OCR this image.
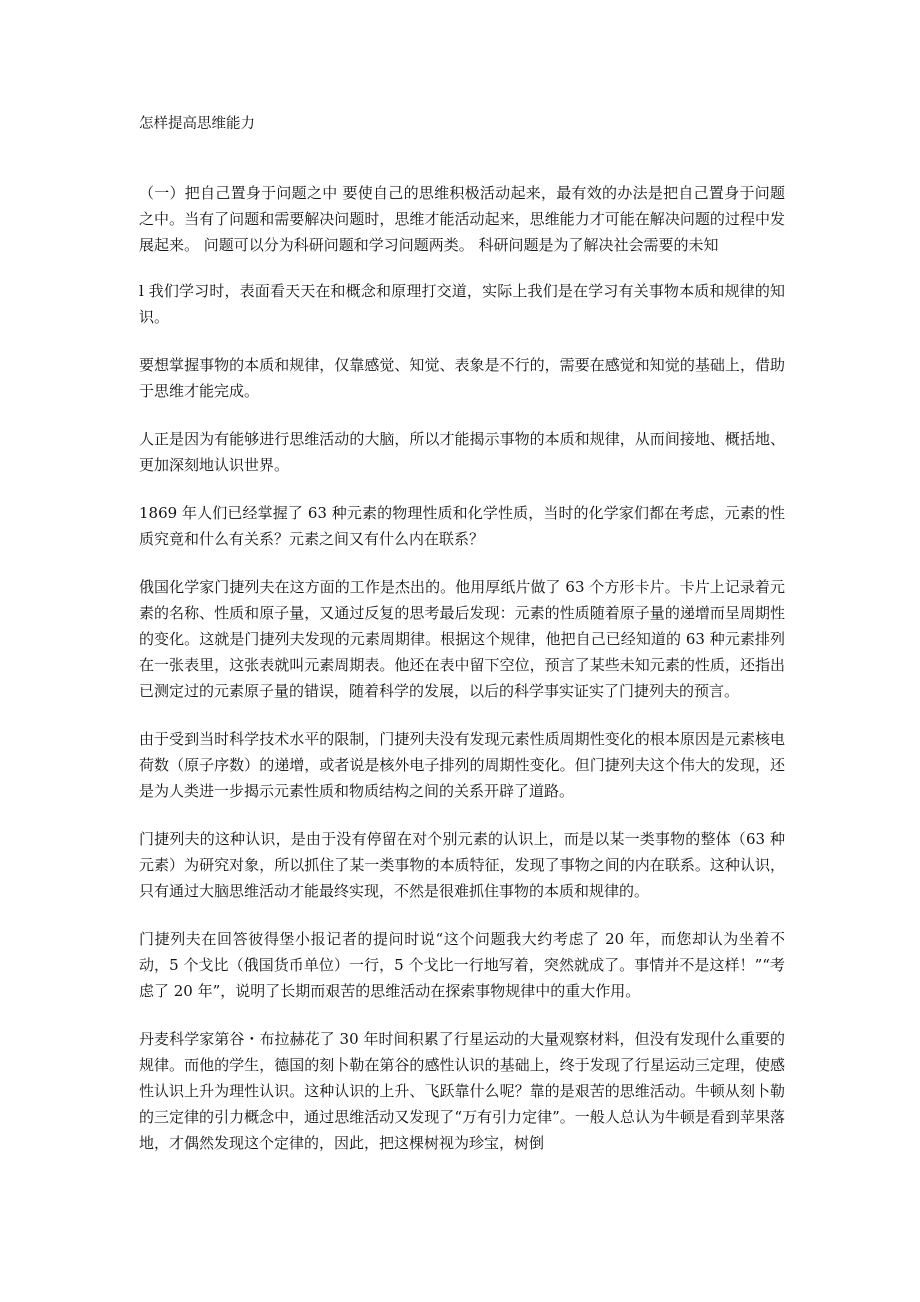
怎样提高思维能力

（一）把自己置身于问题之中 要使自己的思维积极活动起来，最有效的办法是把自己置身于问题之中。当有了问题和需要解决问题时，思维才能活动起来，思维能力才可能在解决问题的过程中发展起来。 问题可以分为科研问题和学习问题两类。 科研问题是为了解决社会需要的未知

l 我们学习时，表面看天天在和概念和原理打交道，实际上我们是在学习有关事物本质和规律的知识。

要想掌握事物的本质和规律，仅靠感觉、知觉、表象是不行的，需要在感觉和知觉的基础上，借助于思维才能完成。

人正是因为有能够进行思维活动的大脑，所以才能揭示事物的本质和规律，从而间接地、概括地、更加深刻地认识世界。

1869 年人们已经掌握了 63 种元素的物理性质和化学性质，当时的化学家们都在考虑，元素的性质究竟和什么有关系？元素之间又有什么内在联系？

俄国化学家门捷列夫在这方面的工作是杰出的。他用厚纸片做了 63 个方形卡片。卡片上记录着元素的名称、性质和原子量，又通过反复的思考最后发现：元素的性质随着原子量的递增而呈周期性的变化。这就是门捷列夫发现的元素周期律。根据这个规律，他把自己已经知道的 63 种元素排列在一张表里，这张表就叫元素周期表。他还在表中留下空位，预言了某些未知元素的性质，还指出已测定过的元素原子量的错误，随着科学的发展，以后的科学事实证实了门捷列夫的预言。

由于受到当时科学技术水平的限制，门捷列夫没有发现元素性质周期性变化的根本原因是元素核电荷数（原子序数）的递增，或者说是核外电子排列的周期性变化。但门捷列夫这个伟大的发现，还是为人类进一步揭示元素性质和物质结构之间的关系开辟了道路。

门捷列夫的这种认识，是由于没有停留在对个别元素的认识上，而是以某一类事物的整体（63 种元素）为研究对象，所以抓住了某一类事物的本质特征，发现了事物之间的内在联系。这种认识，只有通过大脑思维活动才能最终实现，不然是很难抓住事物的本质和规律的。

门捷列夫在回答彼得堡小报记者的提问时说“这个问题我大约考虑了 20 年，而您却认为坐着不动，5 个戈比（俄国货币单位）一行，5 个戈比一行地写着，突然就成了。事情并不是这样！”“考虑了 20 年”，说明了长期而艰苦的思维活动在探索事物规律中的重大作用。

丹麦科学家第谷・布拉赫花了 30 年时间积累了行星运动的大量观察材料，但没有发现什么重要的规律。而他的学生，德国的刻卜勒在第谷的感性认识的基础上，终于发现了行星运动三定理，使感性认识上升为理性认识。这种认识的上升、飞跃靠什么呢？靠的是艰苦的思维活动。牛顿从刻卜勒的三定律的引力概念中，通过思维活动又发现了“万有引力定律”。一般人总认为牛顿是看到苹果落地，才偶然发现这个定律的，因此，把这棵树视为珍宝，树倒
